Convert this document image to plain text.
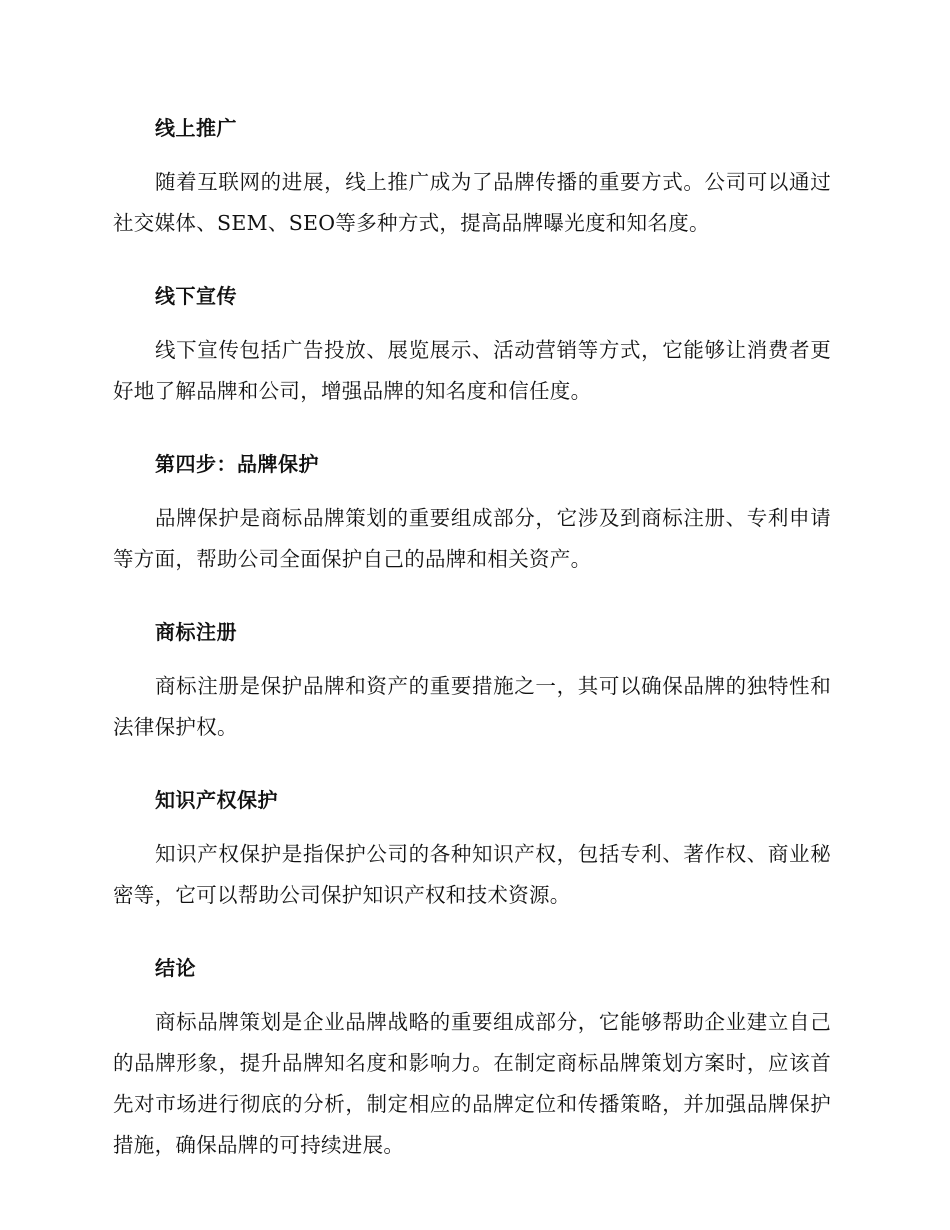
线上推广

随着互联网的进展，线上推广成为了品牌传播的重要方式。公司可以通过社交媒体、SEM、SEO等多种方式，提高品牌曝光度和知名度。

线下宣传

线下宣传包括广告投放、展览展示、活动营销等方式，它能够让消费者更好地了解品牌和公司，增强品牌的知名度和信任度。

第四步：品牌保护

品牌保护是商标品牌策划的重要组成部分，它涉及到商标注册、专利申请等方面，帮助公司全面保护自己的品牌和相关资产。

商标注册

商标注册是保护品牌和资产的重要措施之一，其可以确保品牌的独特性和法律保护权。

知识产权保护

知识产权保护是指保护公司的各种知识产权，包括专利、著作权、商业秘密等，它可以帮助公司保护知识产权和技术资源。

结论

商标品牌策划是企业品牌战略的重要组成部分，它能够帮助企业建立自己的品牌形象，提升品牌知名度和影响力。在制定商标品牌策划方案时，应该首先对市场进行彻底的分析，制定相应的品牌定位和传播策略，并加强品牌保护措施，确保品牌的可持续进展。
